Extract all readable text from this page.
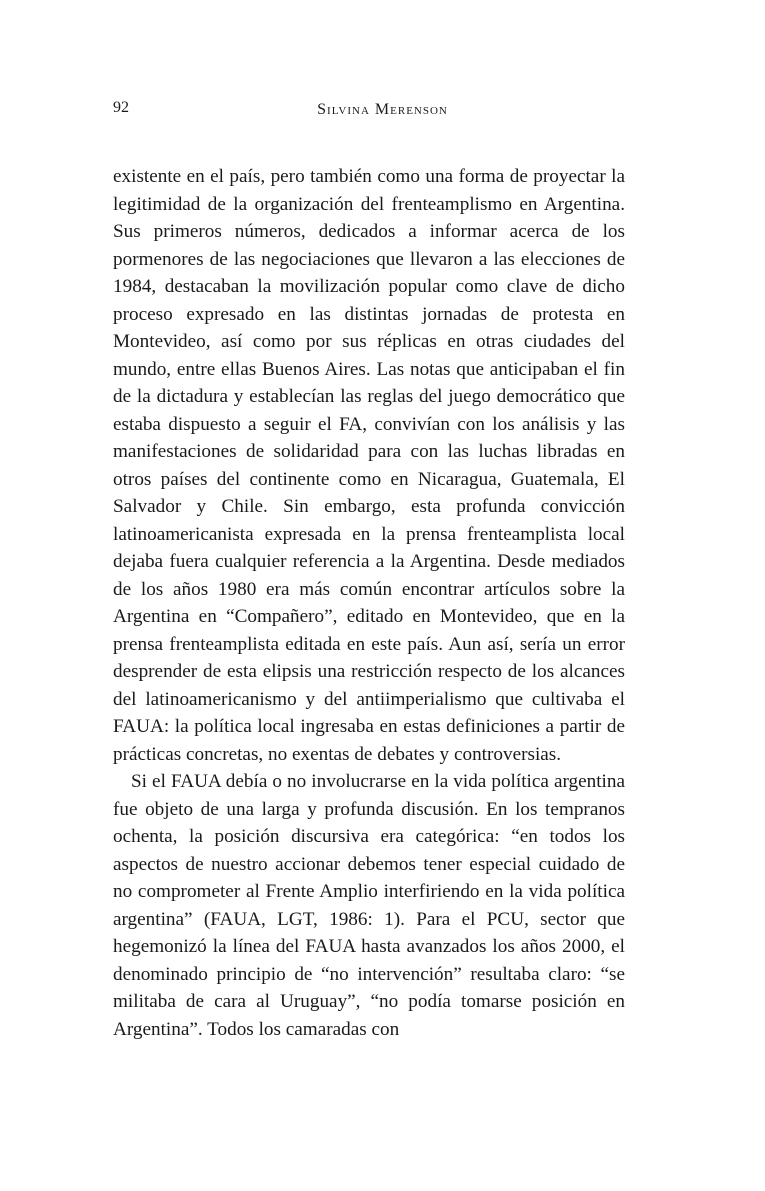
92	Silvina Merenson

existente en el país, pero también como una forma de proyectar la legitimidad de la organización del frenteamplismo en Argentina. Sus primeros números, dedicados a informar acerca de los pormenores de las negociaciones que llevaron a las elecciones de 1984, destacaban la movilización popular como clave de dicho proceso expresado en las distintas jornadas de protesta en Montevideo, así como por sus réplicas en otras ciudades del mundo, entre ellas Buenos Aires. Las notas que anticipaban el fin de la dictadura y establecían las reglas del juego democrático que estaba dispuesto a seguir el FA, convivían con los análisis y las manifestaciones de solidaridad para con las luchas libradas en otros países del continente como en Nicaragua, Guatemala, El Salvador y Chile. Sin embargo, esta profunda convicción latinoamericanista expresada en la prensa frenteamplista local dejaba fuera cualquier referencia a la Argentina. Desde mediados de los años 1980 era más común encontrar artículos sobre la Argentina en “Compañero”, editado en Montevideo, que en la prensa frenteamplista editada en este país. Aun así, sería un error desprender de esta elipsis una restricción respecto de los alcances del latinoamericanismo y del antiimperialismo que cultivaba el FAUA: la política local ingresaba en estas definiciones a partir de prácticas concretas, no exentas de debates y controversias.

Si el FAUA debía o no involucrarse en la vida política argentina fue objeto de una larga y profunda discusión. En los tempranos ochenta, la posición discursiva era categórica: “en todos los aspectos de nuestro accionar debemos tener especial cuidado de no comprometer al Frente Amplio interfiriendo en la vida política argentina” (FAUA, LGT, 1986: 1). Para el PCU, sector que hegemonizó la línea del FAUA hasta avanzados los años 2000, el denominado principio de “no intervención” resultaba claro: “se militaba de cara al Uruguay”, “no podía tomarse posición en Argentina”. Todos los camaradas con
